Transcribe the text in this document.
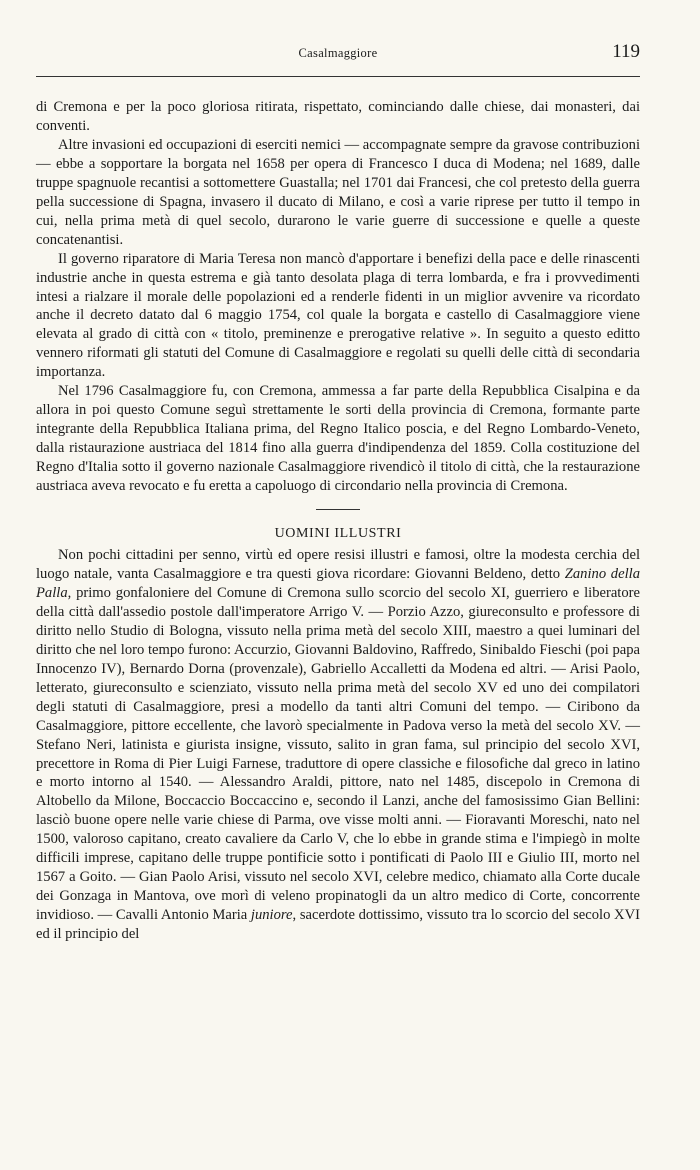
Casalmaggiore	119

di Cremona e per la poco gloriosa ritirata, rispettato, cominciando dalle chiese, dai monasteri, dai conventi.

Altre invasioni ed occupazioni di eserciti nemici — accompagnate sempre da gravose contribuzioni — ebbe a sopportare la borgata nel 1658 per opera di Francesco I duca di Modena; nel 1689, dalle truppe spagnuole recantisi a sottomettere Guastalla; nel 1701 dai Francesi, che col pretesto della guerra pella successione di Spagna, invasero il ducato di Milano, e così a varie riprese per tutto il tempo in cui, nella prima metà di quel secolo, durarono le varie guerre di successione e quelle a queste concatenantisi.

Il governo riparatore di Maria Teresa non mancò d'apportare i benefizi della pace e delle rinascenti industrie anche in questa estrema e già tanto desolata plaga di terra lombarda, e fra i provvedimenti intesi a rialzare il morale delle popolazioni ed a renderle fidenti in un miglior avvenire va ricordato anche il decreto datato dal 6 maggio 1754, col quale la borgata e castello di Casalmaggiore viene elevata al grado di città con « titolo, preminenze e prerogative relative ». In seguito a questo editto vennero riformati gli statuti del Comune di Casalmaggiore e regolati su quelli delle città di secondaria importanza.

Nel 1796 Casalmaggiore fu, con Cremona, ammessa a far parte della Repubblica Cisalpina e da allora in poi questo Comune seguì strettamente le sorti della provincia di Cremona, formante parte integrante della Repubblica Italiana prima, del Regno Italico poscia, e del Regno Lombardo-Veneto, dalla ristaurazione austriaca del 1814 fino alla guerra d'indipendenza del 1859. Colla costituzione del Regno d'Italia sotto il governo nazionale Casalmaggiore rivendicò il titolo di città, che la restaurazione austriaca aveva revocato e fu eretta a capoluogo di circondario nella provincia di Cremona.

UOMINI ILLUSTRI

Non pochi cittadini per senno, virtù ed opere resisi illustri e famosi, oltre la modesta cerchia del luogo natale, vanta Casalmaggiore e tra questi giova ricordare: Giovanni Beldeno, detto Zanino della Palla, primo gonfaloniere del Comune di Cremona sullo scorcio del secolo XI, guerriero e liberatore della città dall'assedio postole dall'imperatore Arrigo V. — Porzio Azzo, giureconsulto e professore di diritto nello Studio di Bologna, vissuto nella prima metà del secolo XIII, maestro a quei luminari del diritto che nel loro tempo furono: Accurzio, Giovanni Baldovino, Raffredo, Sinibaldo Fieschi (poi papa Innocenzo IV), Bernardo Dorna (provenzale), Gabriello Accalletti da Modena ed altri. — Arisi Paolo, letterato, giureconsulto e scienziato, vissuto nella prima metà del secolo XV ed uno dei compilatori degli statuti di Casalmaggiore, presi a modello da tanti altri Comuni del tempo. — Ciribono da Casalmaggiore, pittore eccellente, che lavorò specialmente in Padova verso la metà del secolo XV. — Stefano Neri, latinista e giurista insigne, vissuto, salito in gran fama, sul principio del secolo XVI, precettore in Roma di Pier Luigi Farnese, traduttore di opere classiche e filosofiche dal greco in latino e morto intorno al 1540. — Alessandro Araldi, pittore, nato nel 1485, discepolo in Cremona di Altobello da Milone, Boccaccio Boccaccino e, secondo il Lanzi, anche del famosissimo Gian Bellini: lasciò buone opere nelle varie chiese di Parma, ove visse molti anni. — Fioravanti Moreschi, nato nel 1500, valoroso capitano, creato cavaliere da Carlo V, che lo ebbe in grande stima e l'impiegò in molte difficili imprese, capitano delle truppe pontificie sotto i pontificati di Paolo III e Giulio III, morto nel 1567 a Goito. — Gian Paolo Arisi, vissuto nel secolo XVI, celebre medico, chiamato alla Corte ducale dei Gonzaga in Mantova, ove morì di veleno propinatogli da un altro medico di Corte, concorrente invidioso. — Cavalli Antonio Maria juniore, sacerdote dottissimo, vissuto tra lo scorcio del secolo XVI ed il principio del
